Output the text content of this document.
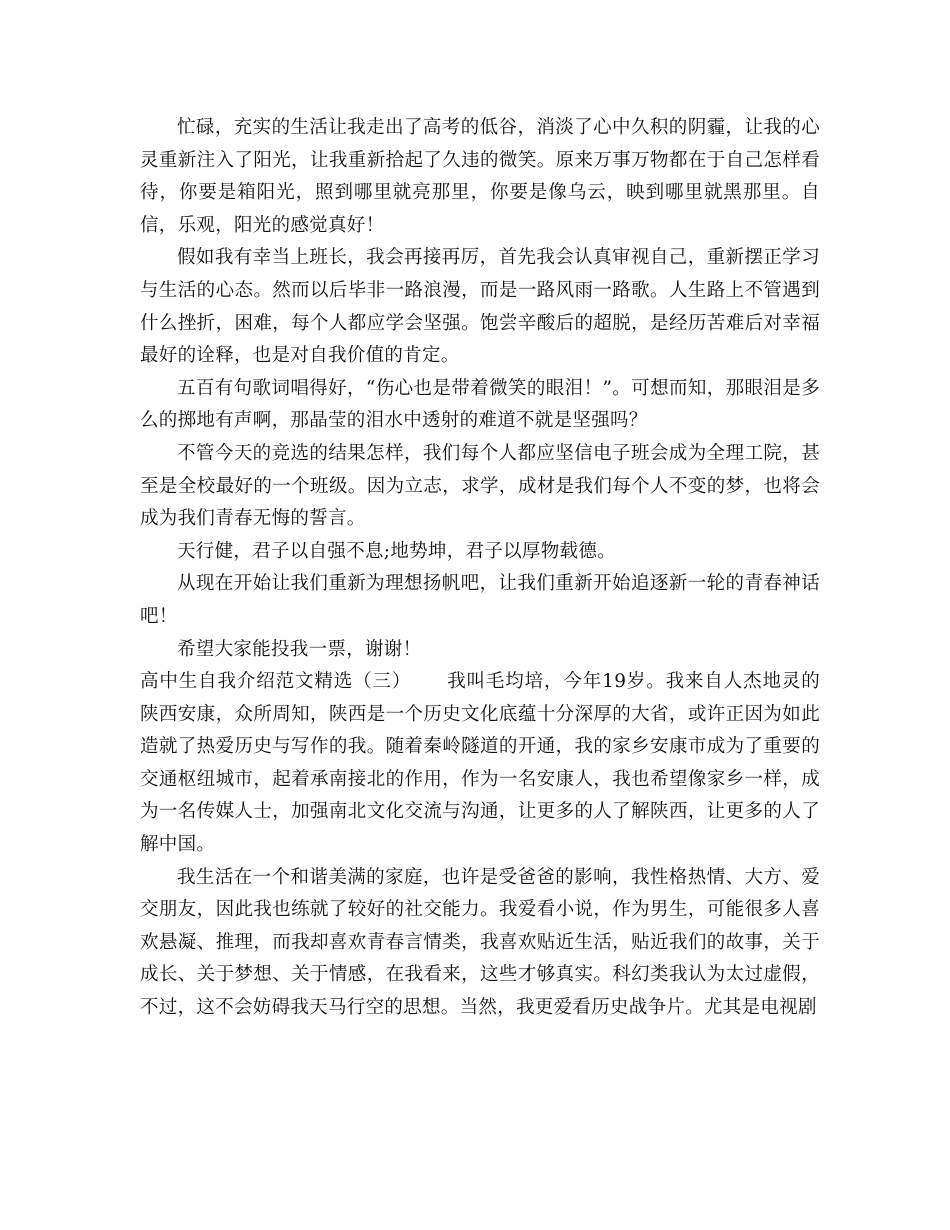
忙碌，充实的生活让我走出了高考的低谷，消淡了心中久积的阴霾，让我的心灵重新注入了阳光，让我重新拾起了久违的微笑。原来万事万物都在于自己怎样看待，你要是箱阳光，照到哪里就亮那里，你要是像乌云，映到哪里就黑那里。自信，乐观，阳光的感觉真好！

假如我有幸当上班长，我会再接再厉，首先我会认真审视自己，重新摆正学习与生活的心态。然而以后毕非一路浪漫，而是一路风雨一路歌。人生路上不管遇到什么挫折，困难，每个人都应学会坚强。饱尝辛酸后的超脱，是经历苦难后对幸福最好的诠释，也是对自我价值的肯定。

五百有句歌词唱得好，“伤心也是带着微笑的眼泪！”。可想而知，那眼泪是多么的掷地有声啊，那晶莹的泪水中透射的难道不就是坚强吗？

不管今天的竞选的结果怎样，我们每个人都应坚信电子班会成为全理工院，甚至是全校最好的一个班级。因为立志，求学，成材是我们每个人不变的梦，也将会成为我们青春无悔的誓言。

天行健，君子以自强不息;地势坤，君子以厚物载德。

从现在开始让我们重新为理想扬帆吧，让我们重新开始追逐新一轮的青春神话吧！

希望大家能投我一票，谢谢！

高中生自我介绍范文精选（三） 我叫毛均培，今年19岁。我来自人杰地灵的陕西安康，众所周知，陕西是一个历史文化底蕴十分深厚的大省，或许正因为如此造就了热爱历史与写作的我。随着秦岭隧道的开通，我的家乡安康市成为了重要的交通枢纽城市，起着承南接北的作用，作为一名安康人，我也希望像家乡一样，成为一名传媒人士，加强南北文化交流与沟通，让更多的人了解陕西，让更多的人了解中国。

我生活在一个和谐美满的家庭，也许是受爸爸的影响，我性格热情、大方、爱交朋友，因此我也练就了较好的社交能力。我爱看小说，作为男生，可能很多人喜欢悬凝、推理，而我却喜欢青春言情类，我喜欢贴近生活，贴近我们的故事，关于成长、关于梦想、关于情感，在我看来，这些才够真实。科幻类我认为太过虚假，不过，这不会妨碍我天马行空的思想。当然，我更爱看历史战争片。尤其是电视剧
